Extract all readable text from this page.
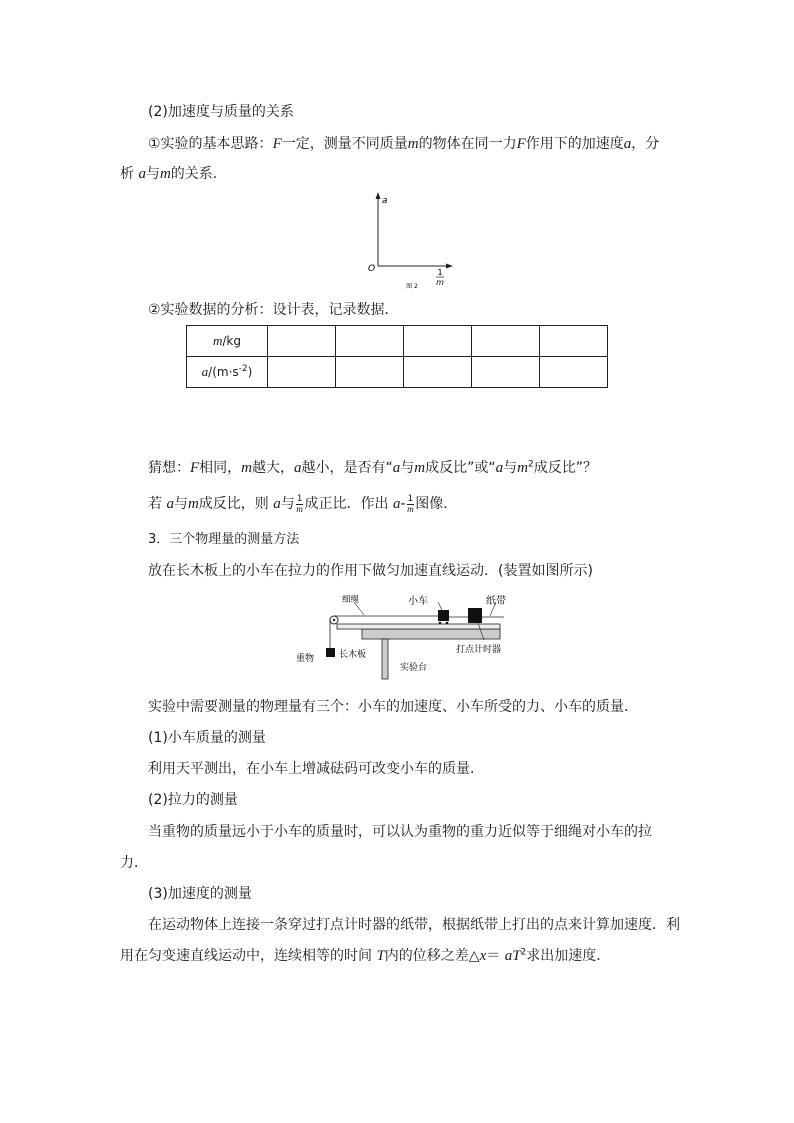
(2)加速度与质量的关系
①实验的基本思路：F一定，测量不同质量m的物体在同一力F作用下的加速度a，分
析 a与m的关系．
a
O	1
m
图 2
②实验数据的分析：设计表，记录数据．
m/kg					
$a/(m\cdot s^{-2})$					
猜想：F相同，m越大，a越小，是否有“a与m成反比”或“a与$m^2$成反比”？
若 a与m成反比，则 a与 $\frac{1}{m}$ 成正比．作出 $a- \frac{1}{m}$ 图像．
3．三个物理量的测量方法
放在长木板上的小车在拉力的作用下做匀加速直线运动．(装置如图所示)
细绳	小车	纸带
重物	长木板	打点计时器
实验台
实验中需要测量的物理量有三个：小车的加速度、小车所受的力、小车的质量．
(1)小车质量的测量
利用天平测出，在小车上增减砝码可改变小车的质量．
(2)拉力的测量
当重物的质量远小于小车的质量时，可以认为重物的重力近似等于细绳对小车的拉
力．
(3)加速度的测量
在运动物体上连接一条穿过打点计时器的纸带，根据纸带上打出的点来计算加速度．利
用在匀变速直线运动中，连续相等的时间 T内的位移之差△x＝ $aT^2$求出加速度．
